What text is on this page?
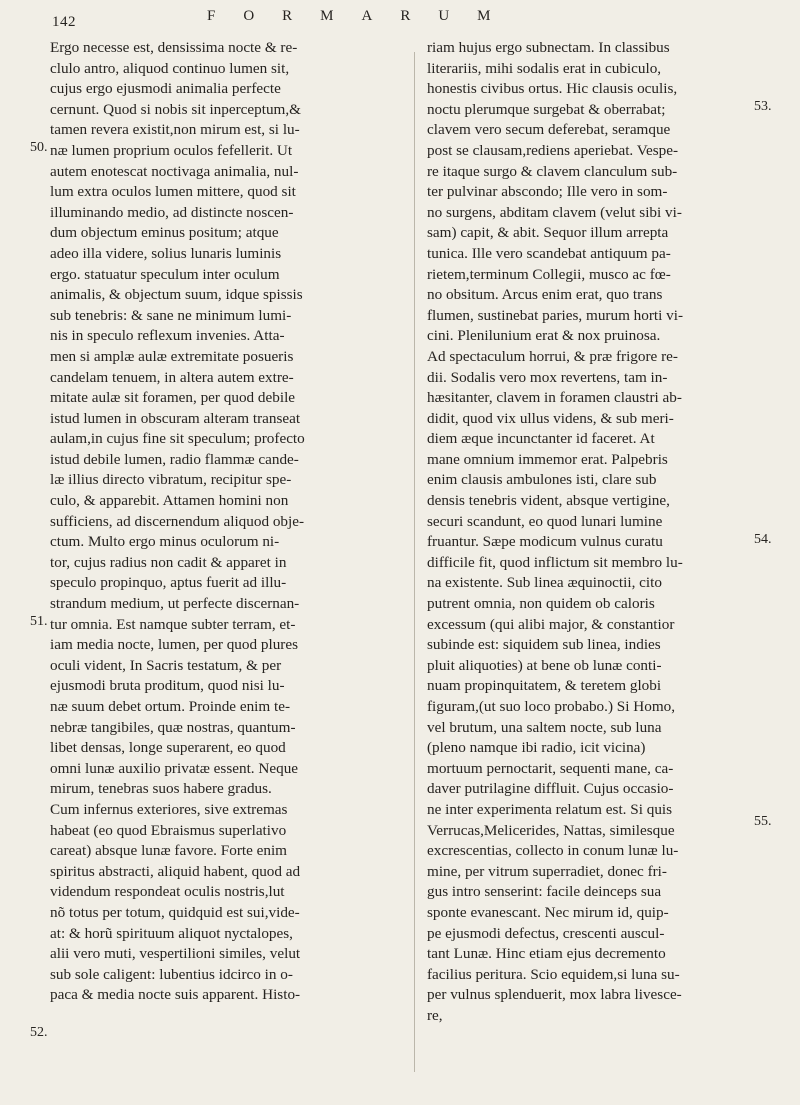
142	FORMARUM
Ergo necesse est, densissima nocte & re-
clulo antro, aliquod continuo lumen sit,
cujus ergo ejusmodi animalia perfecte
cernunt. Quod si nobis sit inperceptum,&
tamen revera existit,non mirum est, si lu-
næ lumen proprium oculos fefellerit. Ut
autem enotescat noctivaga animalia, nul-
lum extra oculos lumen mittere, quod sit
illuminando medio, ad distincte noscen-
dum objectum eminus positum; atque
adeo illa videre, solius lunaris luminis
ergo. statuatur speculum inter oculum
animalis, & objectum suum, idque spissis
sub tenebris: & sane ne minimum lumi-
nis in speculo reflexum invenies. Atta-
men si amplæ aulæ extremitate posueris
candelam tenuem, in altera autem extre-
mitate aulæ sit foramen, per quod debile
istud lumen in obscuram alteram transeat
aulam,in cujus fine sit speculum; profecto
istud debile lumen, radio flammæ cande-
læ illius directo vibratum, recipitur spe-
culo, & apparebit. Attamen homini non
sufficiens, ad discernendum aliquod obje-
ctum. Multo ergo minus oculorum ni-
tor, cujus radius non cadit & apparet in
speculo propinquo, aptus fuerit ad illu-
strandum medium, ut perfecte discernan-
tur omnia. Est namque subter terram, et-
iam media nocte, lumen, per quod plures
oculi vident, In Sacris testatum, & per
ejusmodi bruta proditum, quod nisi lu-
næ suum debet ortum. Proinde enim te-
nebræ tangibiles, quæ nostras, quantum-
libet densas, longe superarent, eo quod
omni lunæ auxilio privatæ essent. Neque
mirum, tenebras suos habere gradus.
Cum infernus exteriores, sive extremas
habeat (eo quod Ebraismus superlativo
careat) absque lunæ favore. Forte enim
spiritus abstracti, aliquid habent, quod ad
videndum respondeat oculis nostris,lut
nõ totus per totum, quidquid est sui,vide-
at: & horũ spirituum aliquot nyctalopes,
alii vero muti, vespertilioni similes, velut
sub sole caligent: lubentius idcirco in o-
paca & media nocte suis apparent. Histo-
riam hujus ergo subnectam. In classibus
literariis, mihi sodalis erat in cubiculo,
honestis civibus ortus. Hic clausis oculis,
noctu plerumque surgebat & oberrabat;
clavem vero secum deferebat, seramque
post se clausam,rediens aperiebat. Vespe-
re itaque surgo & clavem clanculum sub-
ter pulvinar abscondo; Ille vero in som-
no surgens, abditam clavem (velut sibi vi-
sam) capit, & abit. Sequor illum arrepta
tunica. Ille vero scandebat antiquum pa-
rietem,terminum Collegii, musco ac fœ-
no obsitum. Arcus enim erat, quo trans
flumen, sustinebat paries, murum horti vi-
cini. Plenilunium erat & nox pruinosa.
Ad spectaculum horrui, & præ frigore re-
dii. Sodalis vero mox revertens, tam in-
hæsitanter, clavem in foramen claustri ab-
didit, quod vix ullus videns, & sub meri-
diem æque incunctanter id faceret. At
mane omnium immemor erat. Palpebris
enim clausis ambulones isti, clare sub
densis tenebris vident, absque vertigine,
securi scandunt, eo quod lunari lumine
fruantur. Sæpe modicum vulnus curatu
difficile fit, quod inflictum sit membro lu-
na existente. Sub linea æquinoctii, cito
putrent omnia, non quidem ob caloris
excessum (qui alibi major, & constantior
subinde est: siquidem sub linea, indies
pluit aliquoties) at bene ob lunæ conti-
nuam propinquitatem, & teretem globi
figuram,(ut suo loco probabo.) Si Homo,
vel brutum, una saltem nocte, sub luna
(pleno namque ibi radio, icit vicina)
mortuum pernoctarit, sequenti mane, ca-
daver putrilagine diffluit. Cujus occasio-
ne inter experimenta relatum est. Si quis
Verrucas,Melicerides, Nattas, similesque
excrescentias, collecto in conum lunæ lu-
mine, per vitrum superradiet, donec fri-
gus intro senserint: facile deinceps sua
sponte evanescant. Nec mirum id, quip-
pe ejusmodi defectus, crescenti auscul-
tant Lunæ. Hinc etiam ejus decremento
facilius peritura. Scio equidem,si luna su-
per vulnus splenduerit, mox labra livesce-
re,
50.
51.
52.
53.
54.
55.
